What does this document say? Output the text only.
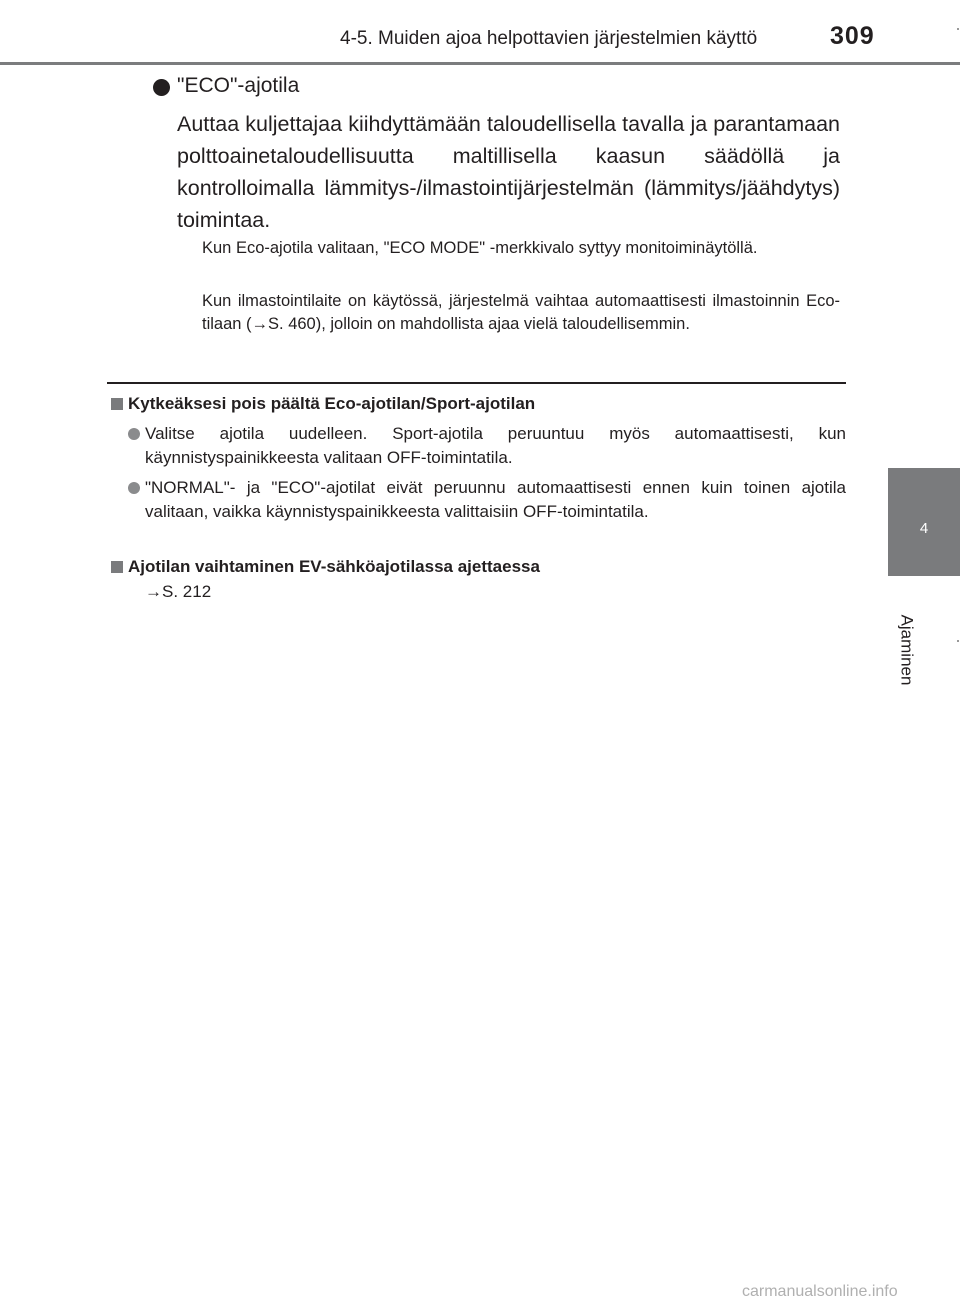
4-5. Muiden ajoa helpottavien järjestelmien käyttö	309
4
Ajaminen
"ECO"-ajotila
Auttaa kuljettajaa kiihdyttämään taloudellisella tavalla ja parantamaan polttoainetaloudellisuutta maltillisella kaasun säädöllä ja kontrolloimalla lämmitys-/ilmastointijärjestelmän (lämmitys/jäähdytys) toimintaa.
Kun Eco-ajotila valitaan, "ECO MODE" -merkkivalo syttyy monitoiminäytöllä.
Kun ilmastointilaite on käytössä, järjestelmä vaihtaa automaattisesti ilmastoinnin Eco-tilaan (→S. 460), jolloin on mahdollista ajaa vielä taloudellisemmin.
Kytkeäksesi pois päältä Eco-ajotilan/Sport-ajotilan
Valitse ajotila uudelleen. Sport-ajotila peruuntuu myös automaattisesti, kun käynnistyspainikkeesta valitaan OFF-toimintatila.
"NORMAL"- ja "ECO"-ajotilat eivät peruunnu automaattisesti ennen kuin toinen ajotila valitaan, vaikka käynnistyspainikkeesta valittaisiin OFF-toimintatila.
Ajotilan vaihtaminen EV-sähköajotilassa ajettaessa
→S. 212
carmanualsonline.info
